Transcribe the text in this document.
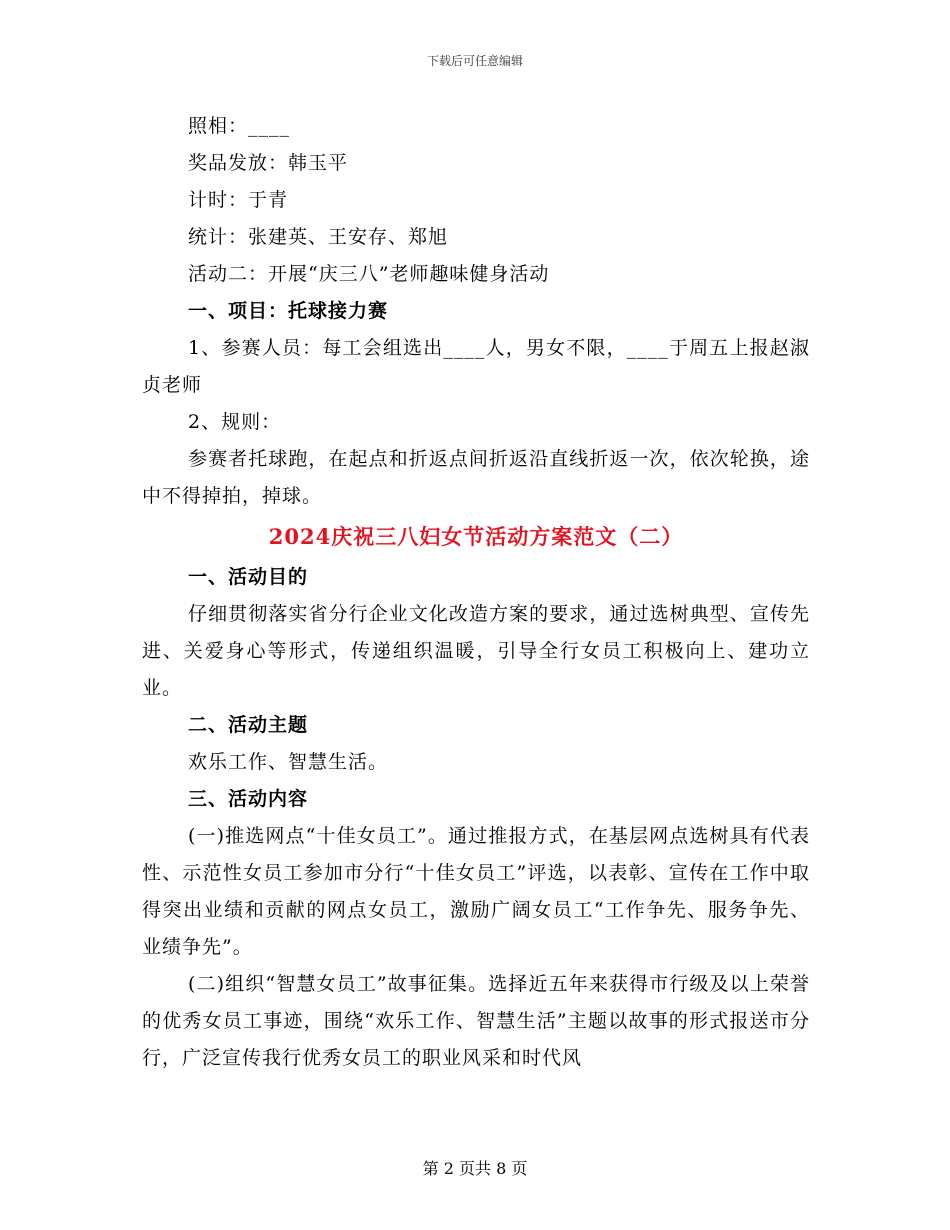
下载后可任意编辑
照相：____
奖品发放：韩玉平
计时：于青
统计：张建英、王安存、郑旭
活动二：开展“庆三八”老师趣味健身活动
一、项目：托球接力赛
1、参赛人员：每工会组选出____人，男女不限，____于周五上报赵淑贞老师
2、规则：
参赛者托球跑，在起点和折返点间折返沿直线折返一次，依次轮换，途中不得掉拍，掉球。
2024庆祝三八妇女节活动方案范文（二）
一、活动目的
仔细贯彻落实省分行企业文化改造方案的要求，通过选树典型、宣传先进、关爱身心等形式，传递组织温暖，引导全行女员工积极向上、建功立业。
二、活动主题
欢乐工作、智慧生活。
三、活动内容
(一)推选网点“十佳女员工”。通过推报方式，在基层网点选树具有代表性、示范性女员工参加市分行“十佳女员工”评选，以表彰、宣传在工作中取得突出业绩和贡献的网点女员工，激励广阔女员工“工作争先、服务争先、业绩争先”。
(二)组织“智慧女员工”故事征集。选择近五年来获得市行级及以上荣誉的优秀女员工事迹，围绕“欢乐工作、智慧生活”主题以故事的形式报送市分行，广泛宣传我行优秀女员工的职业风采和时代风
第 2 页共 8 页
